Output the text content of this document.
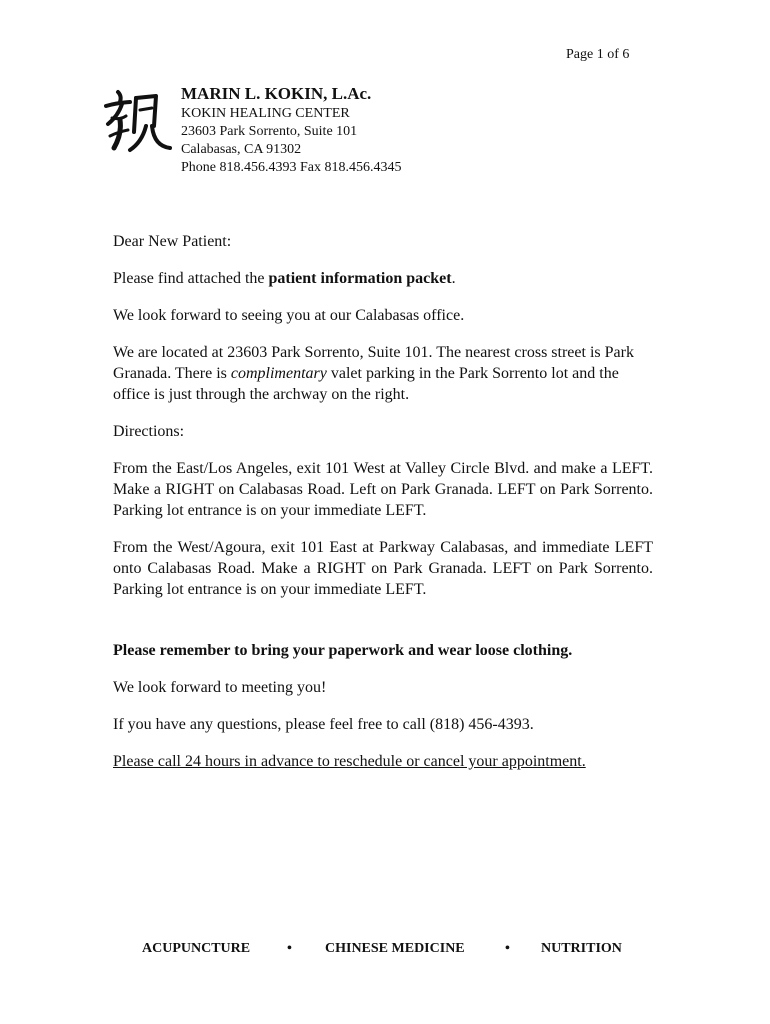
Page 1 of 6
MARIN L. KOKIN, L.Ac.
KOKIN HEALING CENTER
23603 Park Sorrento, Suite 101
Calabasas, CA 91302
Phone 818.456.4393 Fax 818.456.4345

Dear New Patient:

Please find attached the patient information packet.

We look forward to seeing you at our Calabasas office.

We are located at 23603 Park Sorrento, Suite 101. The nearest cross street is Park Granada. There is complimentary valet parking in the Park Sorrento lot and the office is just through the archway on the right.

Directions:

From the East/Los Angeles, exit 101 West at Valley Circle Blvd. and make a LEFT. Make a RIGHT on Calabasas Road. Left on Park Granada. LEFT on Park Sorrento. Parking lot entrance is on your immediate LEFT.

From the West/Agoura, exit 101 East at Parkway Calabasas, and immediate LEFT onto Calabasas Road. Make a RIGHT on Park Granada. LEFT on Park Sorrento. Parking lot entrance is on your immediate LEFT.

Please remember to bring your paperwork and wear loose clothing.

We look forward to meeting you!

If you have any questions, please feel free to call (818) 456-4393.

Please call 24 hours in advance to reschedule or cancel your appointment.

ACUPUNCTURE	• CHINESE MEDICINE	• NUTRITION
